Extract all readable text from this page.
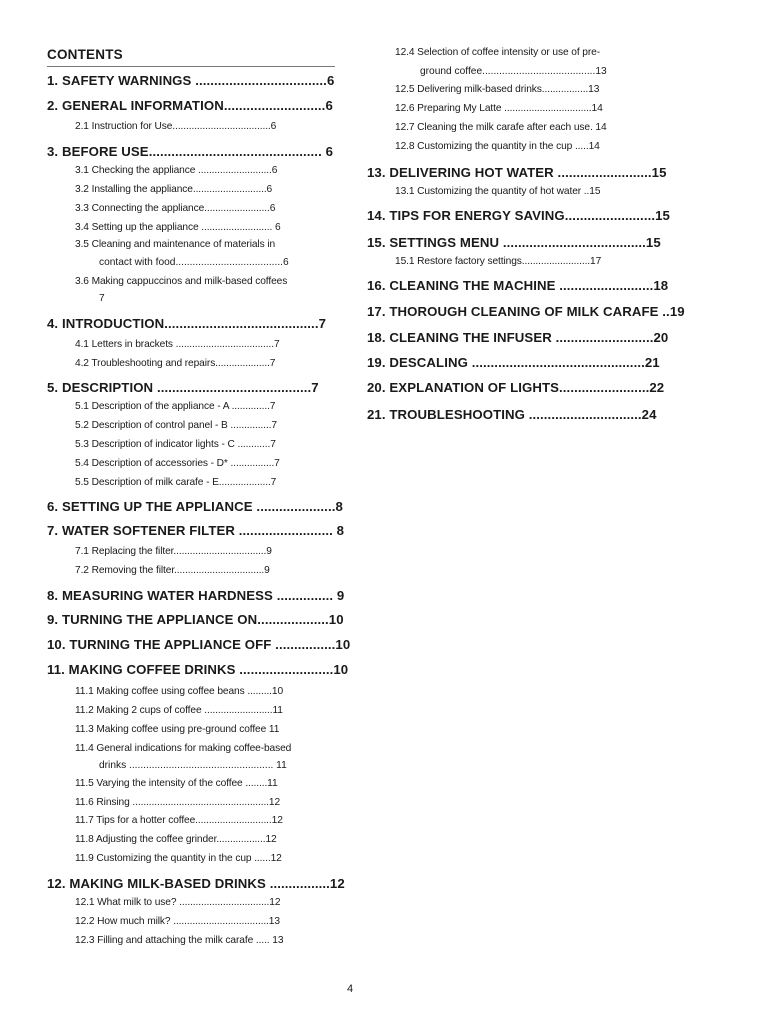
CONTENTS
1. SAFETY WARNINGS ...................................6
2. GENERAL INFORMATION...........................6
2.1 Instruction for Use....................................6
3. BEFORE USE.............................................. 6
3.1 Checking the appliance ...........................6
3.2 Installing the appliance...........................6
3.3 Connecting the appliance........................6
3.4 Setting up the appliance .......................... 6
3.5 Cleaning and maintenance of materials in
contact with food......................................6
3.6 Making cappuccinos and milk-based coffees
7
4. INTRODUCTION.........................................7
4.1 Letters in brackets ....................................7
4.2 Troubleshooting and repairs....................7
5. DESCRIPTION .........................................7
5.1 Description of the appliance - A ..............7
5.2 Description of control panel - B ...............7
5.3 Description of indicator lights - C ............7
5.4 Description of accessories - D* ................7
5.5 Description of milk carafe - E...................7
6. SETTING UP THE APPLIANCE .....................8
7. WATER SOFTENER FILTER ......................... 8
7.1 Replacing the filter..................................9
7.2 Removing the filter.................................9
8. MEASURING WATER HARDNESS ............... 9
9. TURNING THE APPLIANCE ON...................10
10. TURNING THE APPLIANCE OFF ................10
11. MAKING COFFEE DRINKS .........................10
11.1 Making coffee using coffee beans .........10
11.2 Making 2 cups of coffee .........................11
11.3 Making coffee using pre-ground coffee 11
11.4 General indications for making coffee-based
drinks ................................................... 11
11.5 Varying the intensity of the coffee ........11
11.6 Rinsing ..................................................12
11.7 Tips for a hotter coffee............................12
11.8 Adjusting the coffee grinder..................12
11.9 Customizing the quantity in the cup ......12
12. MAKING MILK-BASED DRINKS ................12
12.1 What milk to use? .................................12
12.2 How much milk? ...................................13
12.3 Filling and attaching the milk carafe ..... 13
12.4 Selection of coffee intensity or use of pre-
ground coffee........................................13
12.5 Delivering milk-based drinks.................13
12.6 Preparing My Latte ................................14
12.7 Cleaning the milk carafe after each use. 14
12.8 Customizing the quantity in the cup .....14
13. DELIVERING HOT WATER .........................15
13.1 Customizing the quantity of hot water ..15
14. TIPS FOR ENERGY SAVING........................15
15. SETTINGS MENU ......................................15
15.1 Restore factory settings.........................17
16. CLEANING THE MACHINE .........................18
17. THOROUGH CLEANING OF MILK CARAFE ..19
18. CLEANING THE INFUSER ..........................20
19. DESCALING ..............................................21
20. EXPLANATION OF LIGHTS........................22
21. TROUBLESHOOTING ..............................24
4
